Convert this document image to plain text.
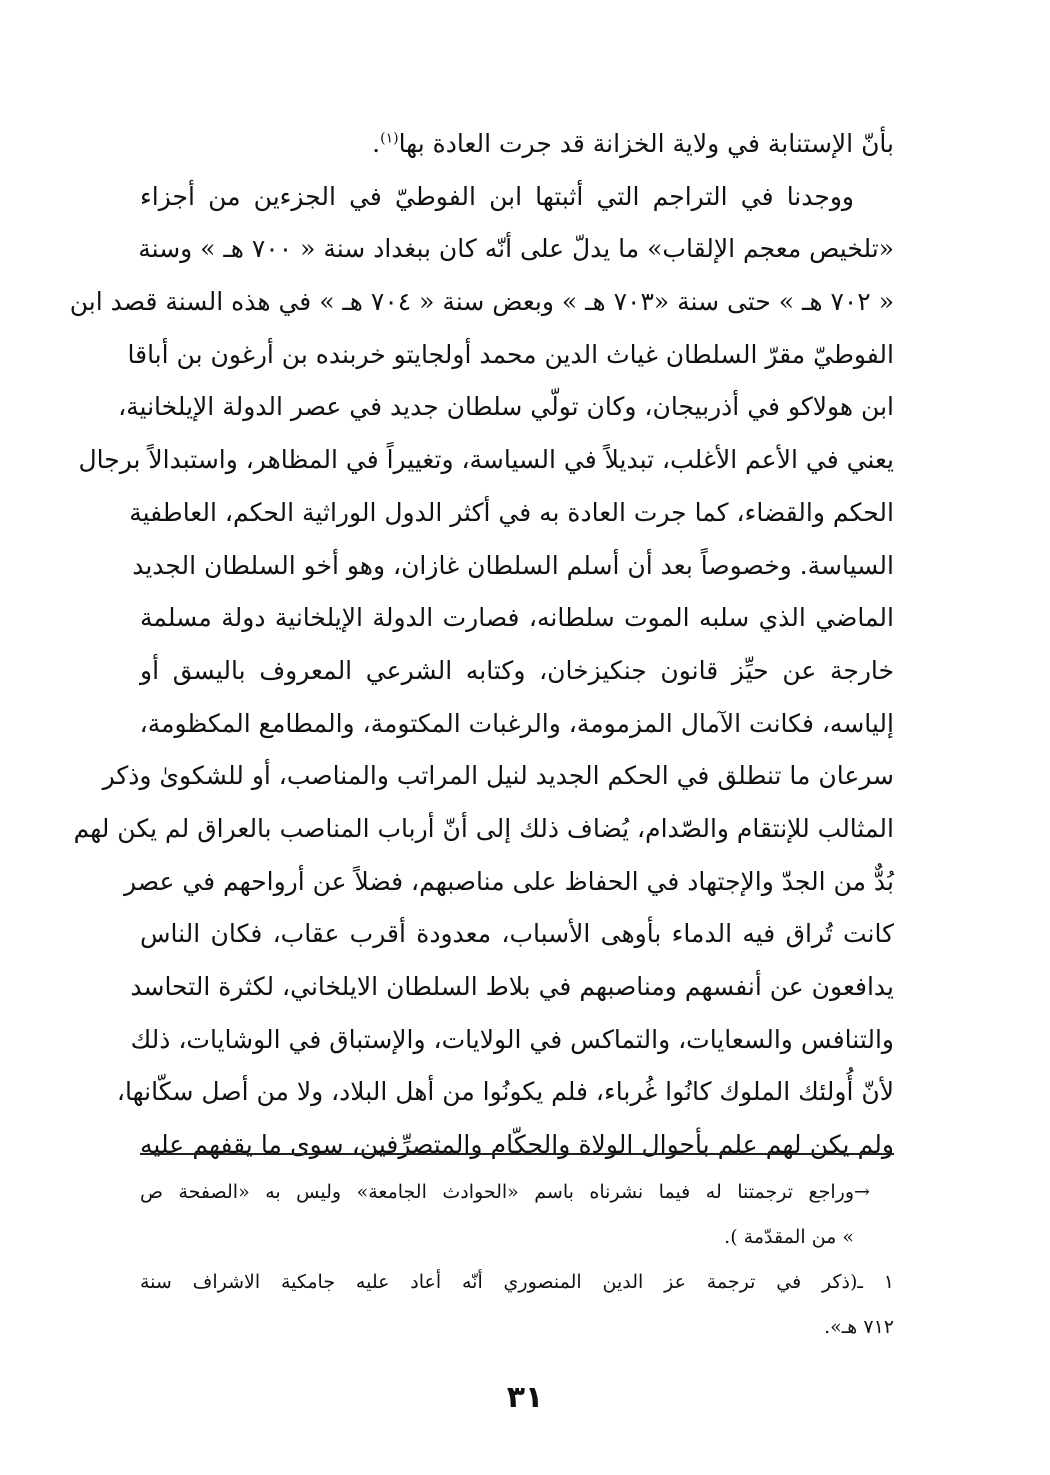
بأنّ الإستنابة في ولاية الخزانة قد جرت العادة بها$^{(١)}$.
ووجدنا في التراجم التي أثبتها ابن الفوطيّ في الجزءين من أجزاء
«تلخيص معجم الإلقاب» ما يدلّ على أنّه كان ببغداد سنة « ٧٠٠ هـ » وسنة
« ٧٠٢ هـ » حتى سنة «٧٠٣ هـ » وبعض سنة « ٧٠٤ هـ » في هذه السنة قصد ابن
الفوطيّ مقرّ السلطان غياث الدين محمد أولجايتو خربنده بن أرغون بن أباقا
ابن هولاكو في أذربيجان، وكان تولّي سلطان جديد في عصر الدولة الإيلخانية،
يعني في الأعم الأغلب، تبديلاً في السياسة، وتغييراً في المظاهر، واستبدالاً برجال
الحكم والقضاء، كما جرت العادة به في أكثر الدول الوراثية الحكم، العاطفية
السياسة. وخصوصاً بعد أن أسلم السلطان غازان، وهو أخو السلطان الجديد
الماضي الذي سلبه الموت سلطانه، فصارت الدولة الإيلخانية دولة مسلمة
خارجة عن حيِّز قانون جنكيزخان، وكتابه الشرعي المعروف باليسق أو
إلياسه، فكانت الآمال المزمومة، والرغبات المكتومة، والمطامع المكظومة،
سرعان ما تنطلق في الحكم الجديد لنيل المراتب والمناصب، أو للشكوىٰ وذكر
المثالب للإنتقام والصّدام، يُضاف ذلك إلى أنّ أرباب المناصب بالعراق لم يكن لهم
بُدٌّ من الجدّ والإجتهاد في الحفاظ على مناصبهم، فضلاً عن أرواحهم في عصر
كانت تُراق فيه الدماء بأوهى الأسباب، معدودة أقرب عقاب، فكان الناس
يدافعون عن أنفسهم ومناصبهم في بلاط السلطان الايلخاني، لكثرة التحاسد
والتنافس والسعايات، والتماكس في الولايات، والإستباق في الوشايات، ذلك
لأنّ أُولئك الملوك كانُوا غُرباء، فلم يكونُوا من أهل البلاد، ولا من أصل سكّانها،
ولم يكن لهم علم بأحوال الولاة والحكّام والمتصرِّفين، سوى ما يقفهم عليه
→وراجع ترجمتنا له فيما نشرناه باسم «الحوادث الجامعة» وليس به «الصفحة ص
» من المقدّمة ).
١ ـ(ذكر في ترجمة عز الدين المنصوري أنّه أعاد عليه جامكية الاشراف سنة
٧١٢ هـ».
٣١
